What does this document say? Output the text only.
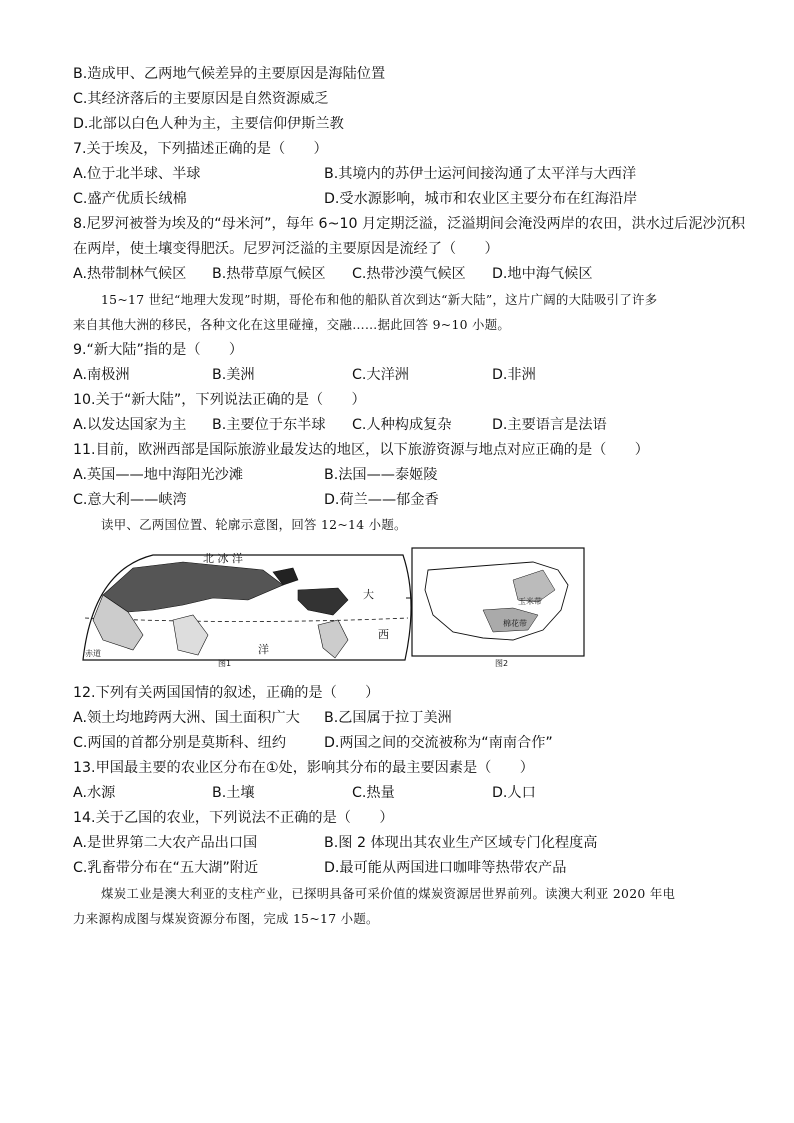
B.造成甲、乙两地气候差异的主要原因是海陆位置
C.其经济落后的主要原因是自然资源威乏
D.北部以白色人种为主，主要信仰伊斯兰教
7.关于埃及，下列描述正确的是（　　）
A.位于北半球、半球	B.其境内的苏伊士运河间接沟通了太平洋与大西洋
C.盛产优质长绒棉	D.受水源影响，城市和农业区主要分布在红海沿岸
8.尼罗河被誉为埃及的“母米河”，每年 6~10 月定期泛溢，泛溢期间会淹没两岸的农田，洪水过后泥沙沉积
在两岸，使土壤变得肥沃。尼罗河泛溢的主要原因是流经了（　　）
A.热带制林气候区 B.热带草原气候区 C.热带沙漠气候区 D.地中海气候区
15~17 世纪“地理大发现”时期，哥伦布和他的船队首次到达“新大陆”，这片广阔的大陆吸引了许多
来自其他大洲的移民，各种文化在这里碰撞，交融……据此回答 9~10 小题。
9.“新大陆”指的是（　　）
A.南极洲	B.美洲	C.大洋洲	D.非洲
10.关于“新大陆”，下列说法正确的是（　　）
A.以发达国家为主 B.主要位于东半球 C.人种构成复杂	D.主要语言是法语
11.目前，欧洲西部是国际旅游业最发达的地区，以下旅游资源与地点对应正确的是（　　）
A.英国——地中海阳光沙滩	B.法国——泰姬陵
C.意大利——峡湾	D.荷兰——郁金香
读甲、乙两国位置、轮廓示意图，回答 12~14 小题。
北 冰 洋
洋
大
西
赤道
图1
玉米带
棉花带
图2
12.下列有关两国国情的叙述，正确的是（　　）
A.领土均地跨两大洲、国土面积广大 B.乙国属于拉丁美洲
C.两国的首都分别是莫斯科、纽约	D.两国之间的交流被称为“南南合作”
13.甲国最主要的农业区分布在①处，影响其分布的最主要因素是（　　）
A.水源	B.土壤	C.热量	D.人口
14.关于乙国的农业，下列说法不正确的是（　　）
A.是世界第二大农产品出口国	B.图 2 体现出其农业生产区域专门化程度高
C.乳畜带分布在“五大湖”附近	D.最可能从两国进口咖啡等热带农产品
煤炭工业是澳大利亚的支柱产业，已探明具备可采价值的煤炭资源居世界前列。读澳大利亚 2020 年电
力来源构成图与煤炭资源分布图，完成 15~17 小题。
